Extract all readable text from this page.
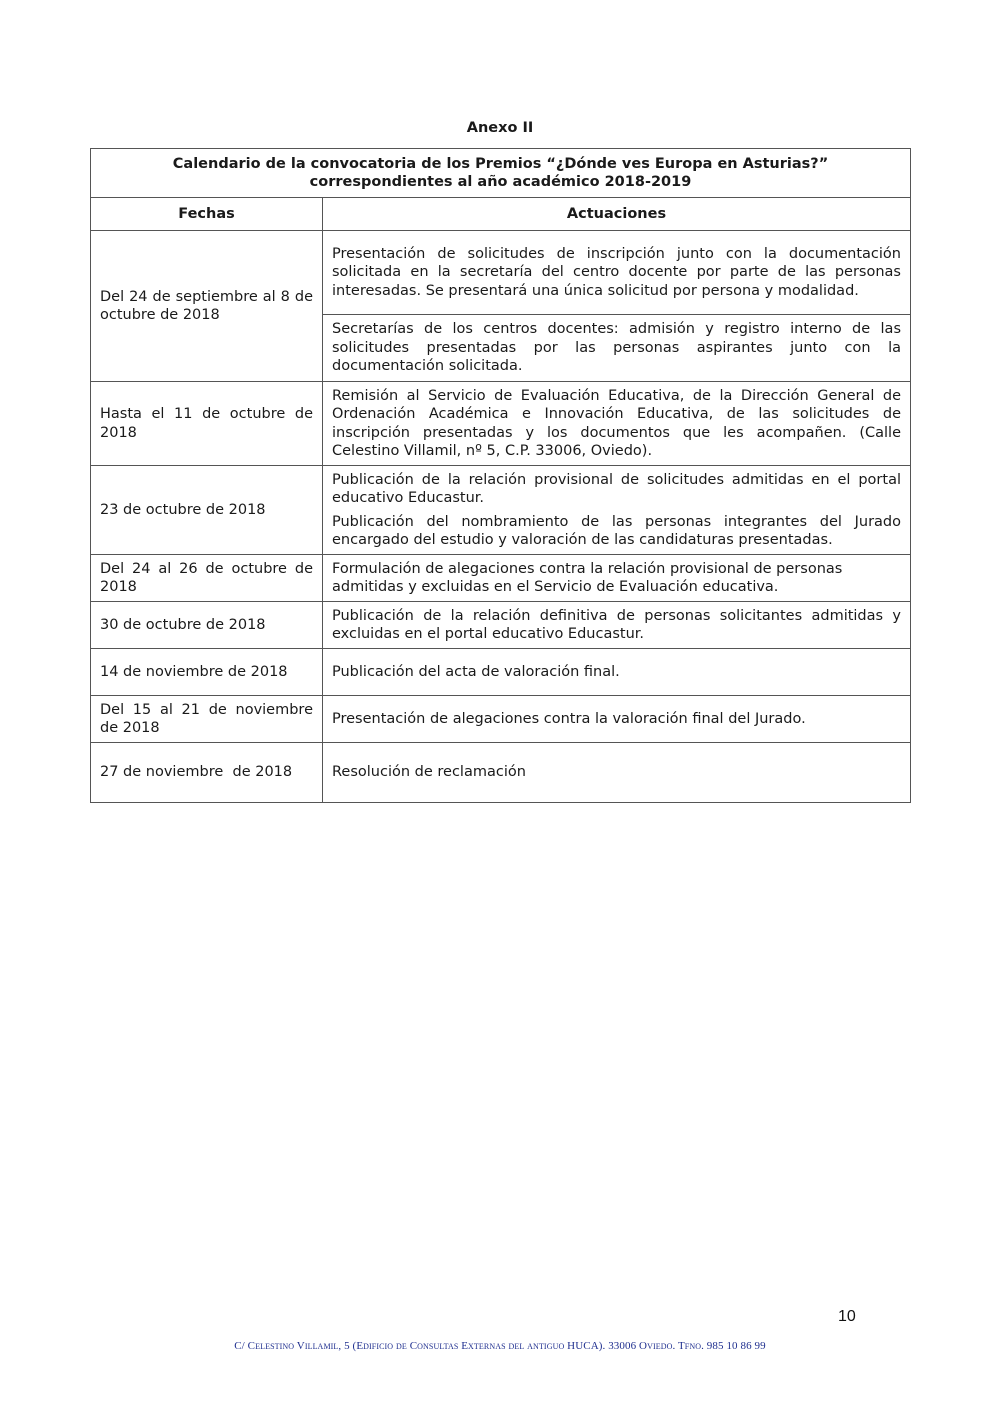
Anexo II
Calendario de la convocatoria de los Premios “¿Dónde ves Europa en Asturias?”
correspondientes al año académico 2018-2019	
Fechas	Actuaciones
Del 24 de septiembre al 8 de octubre de 2018	Presentación de solicitudes de inscripción junto con la documentación solicitada en la secretaría del centro docente por parte de las personas interesadas. Se presentará una única solicitud por persona y modalidad.

	Secretarías de los centros docentes: admisión y registro interno de las solicitudes presentadas por las personas aspirantes junto con la documentación solicitada.

Hasta el 11 de octubre de 2018	Remisión al Servicio de Evaluación Educativa, de la Dirección General de Ordenación Académica e Innovación Educativa, de las solicitudes de inscripción presentadas y los documentos que les acompañen. (Calle Celestino Villamil, nº 5, C.P. 33006, Oviedo).

23 de octubre de 2018	Publicación de la relación provisional de solicitudes admitidas en el portal educativo Educastur.

Publicación del nombramiento de las personas integrantes del Jurado encargado del estudio y valoración de las candidaturas presentadas.

Del 24 al 26 de octubre de 2018	Formulación de alegaciones contra la relación provisional de personas admitidas y excluidas en el Servicio de Evaluación educativa.

30 de octubre de 2018	Publicación de la relación definitiva de personas solicitantes admitidas y excluidas en el portal educativo Educastur.

14 de noviembre de 2018	Publicación del acta de valoración final.

Del 15 al 21 de noviembre de 2018	Presentación de alegaciones contra la valoración final del Jurado.

27 de noviembre  de 2018	Resolución de reclamación

10
C/ Celestino Villamil, 5 (Edificio de Consultas Externas del antiguo HUCA). 33006 Oviedo. Tfno. 985 10 86 99
